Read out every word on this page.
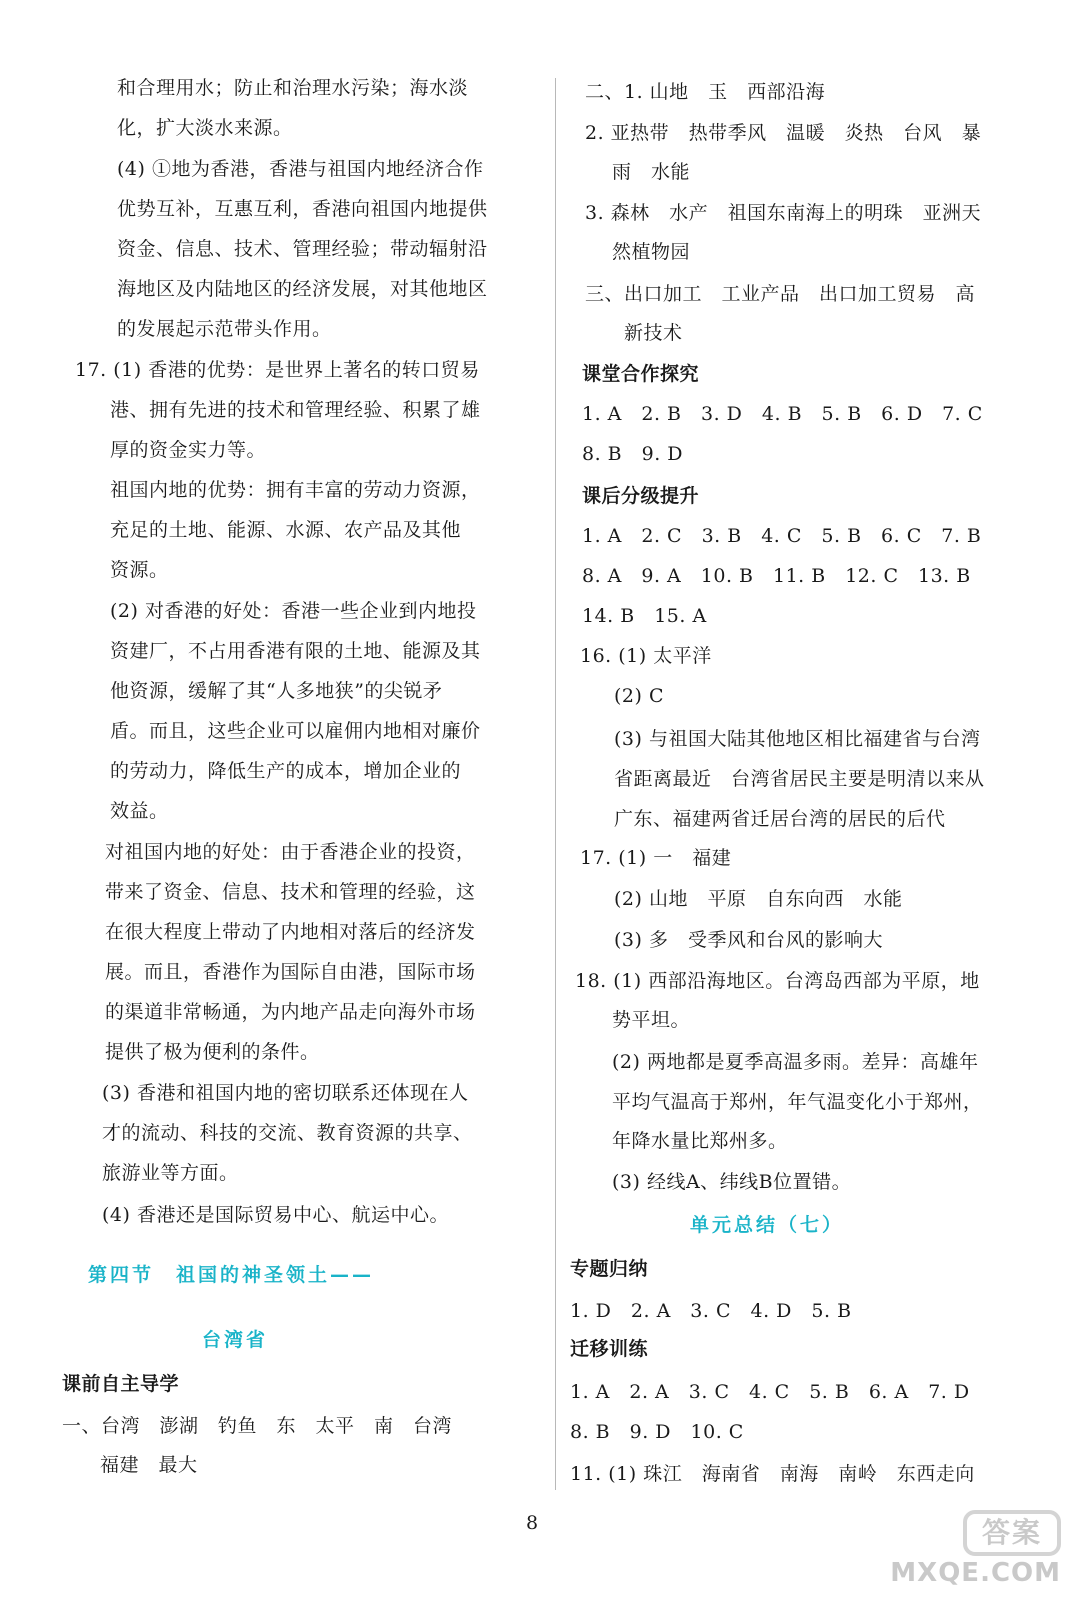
和合理用水；防止和治理水污染；海水淡
化，扩大淡水来源。
(4) ①地为香港，香港与祖国内地经济合作
优势互补，互惠互利，香港向祖国内地提供
资金、信息、技术、管理经验；带动辐射沿
海地区及内陆地区的经济发展，对其他地区
的发展起示范带头作用。
17. (1) 香港的优势：是世界上著名的转口贸易
港、拥有先进的技术和管理经验、积累了雄
厚的资金实力等。
祖国内地的优势：拥有丰富的劳动力资源，
充足的土地、能源、水源、农产品及其他
资源。
(2) 对香港的好处：香港一些企业到内地投
资建厂，不占用香港有限的土地、能源及其
他资源，缓解了其“人多地狭”的尖锐矛
盾。而且，这些企业可以雇佣内地相对廉价
的劳动力，降低生产的成本，增加企业的
效益。
对祖国内地的好处：由于香港企业的投资，
带来了资金、信息、技术和管理的经验，这
在很大程度上带动了内地相对落后的经济发
展。而且，香港作为国际自由港，国际市场
的渠道非常畅通，为内地产品走向海外市场
提供了极为便利的条件。
(3) 香港和祖国内地的密切联系还体现在人
才的流动、科技的交流、教育资源的共享、
旅游业等方面。
(4) 香港还是国际贸易中心、航运中心。
一、台湾　澎湖　钓鱼　东　太平　南　台湾
福建　最大
课前自主导学
第四节　祖国的神圣领土——
台湾省
二、1. 山地　玉　西部沿海
2. 亚热带　热带季风　温暖　炎热　台风　暴
雨　水能
3. 森林　水产　祖国东南海上的明珠　亚洲天
然植物园
三、出口加工　工业产品　出口加工贸易　高
新技术
1. A　2. B　3. D　4. B　5. B　6. D　7. C
8. B　9. D
1. A　2. C　3. B　4. C　5. B　6. C　7. B
8. A　9. A　10. B　11. B　12. C　13. B
14. B　15. A
16. (1) 太平洋
(2) C
(3) 与祖国大陆其他地区相比福建省与台湾
省距离最近　台湾省居民主要是明清以来从
广东、福建两省迁居台湾的居民的后代
17. (1) 一　福建
(2) 山地　平原　自东向西　水能
(3) 多　受季风和台风的影响大
18. (1) 西部沿海地区。台湾岛西部为平原，地
势平坦。
(2) 两地都是夏季高温多雨。差异：高雄年
平均气温高于郑州，年气温变化小于郑州，
年降水量比郑州多。
(3) 经线A、纬线B位置错。
1. D　2. A　3. C　4. D　5. B
1. A　2. A　3. C　4. C　5. B　6. A　7. D
8. B　9. D　10. C
11. (1) 珠江　海南省　南海　南岭　东西走向
课堂合作探究
课后分级提升
专题归纳
迁移训练
单元总结（七）
8	答案
MXQE.COM
